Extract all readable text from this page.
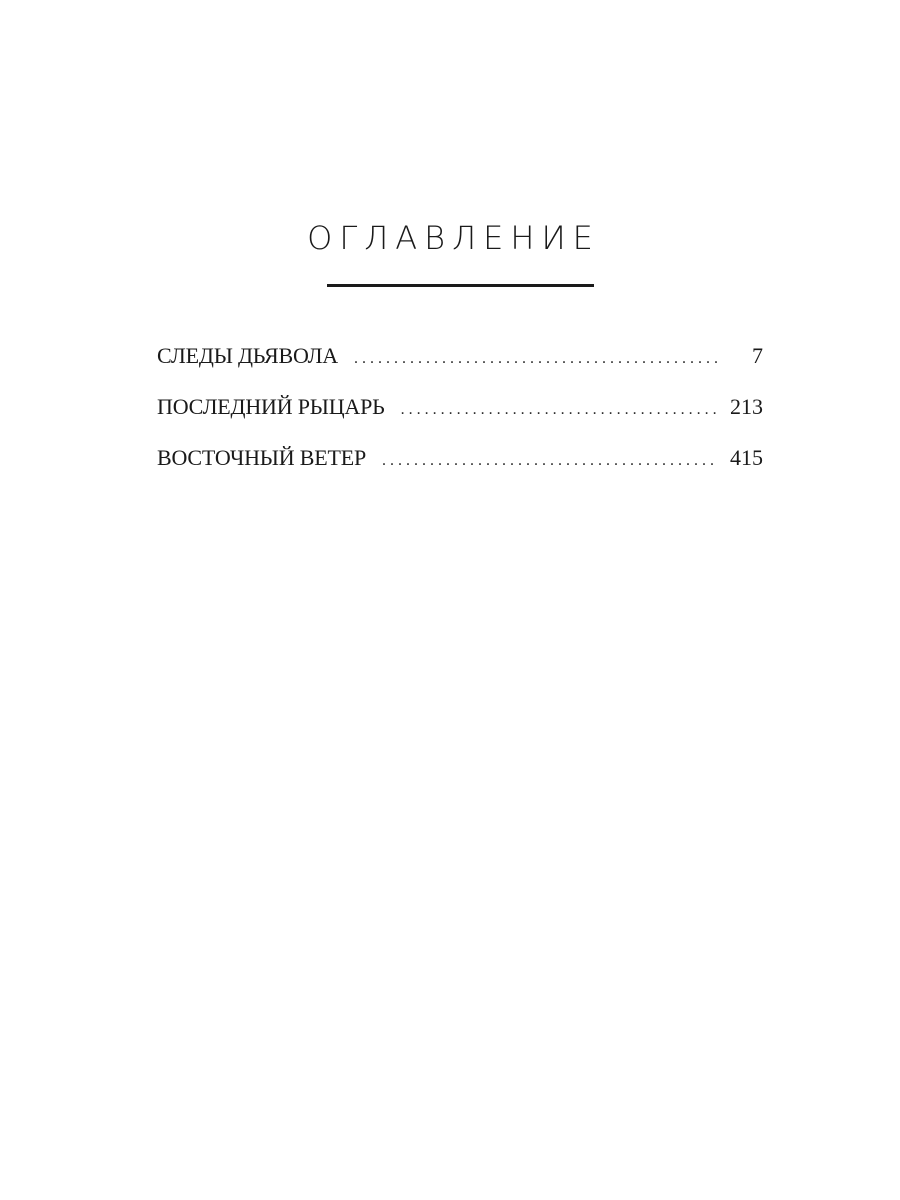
ОГЛАВЛЕНИЕ
СЛЕДЫ ДЬЯВОЛА . . .	7
ПОСЛЕДНИЙ РЫЦАРЬ . . .	213
ВОСТОЧНЫЙ ВЕТЕР . . .	415
